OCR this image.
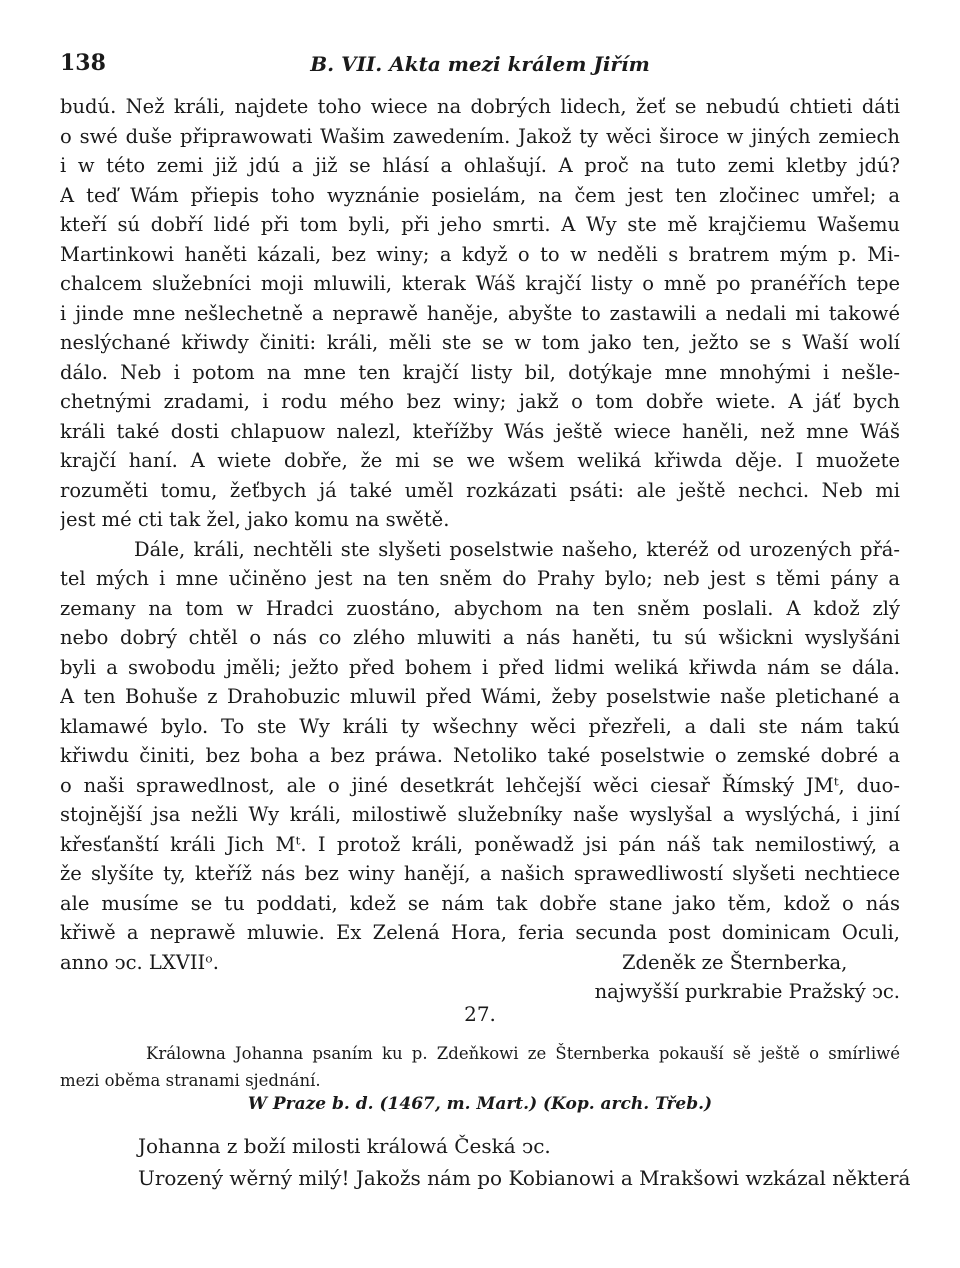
138	B. VII. Akta mezi králem Jiřím
budú. Než králi, najdete toho wiece na dobrých lidech, žeť se nebudú chtieti dáti
o swé duše připrawowati Wašim zawedením. Jakož ty wěci široce w jiných zemiech
i w této zemi již jdú a již se hlásí a ohlašují. A proč na tuto zemi kletby jdú?
A teď Wám přiepis toho wyznánie posielám, na čem jest ten zločinec umřel; a
kteří sú dobří lidé při tom byli, při jeho smrti. A Wy ste mě krajčiemu Wašemu
Martinkowi haněti kázali, bez winy; a když o to w neděli s bratrem mým p. Mi-
chalcem služebníci moji mluwili, kterak Wáš krajčí listy o mně po pranéřích tepe
i jinde mne nešlechetně a neprawě haněje, abyšte to zastawili a nedali mi takowé
neslýchané křiwdy činiti: králi, měli ste se w tom jako ten, ježto se s Waší wolí
dálo. Neb i potom na mne ten krajčí listy bil, dotýkaje mne mnohými i nešle-
chetnými zradami, i rodu mého bez winy; jakž o tom dobře wiete. A jáť bych
králi také dosti chlapuow nalezl, kteřížby Wás ještě wiece haněli, než mne Wáš
krajčí haní. A wiete dobře, že mi se we wšem weliká křiwda děje. I muožete
rozuměti tomu, žeťbych já také uměl rozkázati psáti: ale ještě nechci. Neb mi
jest mé cti tak žel, jako komu na swětě.
Dále, králi, nechtěli ste slyšeti poselstwie našeho, kteréž od urozených přá-
tel mých i mne učiněno jest na ten sněm do Prahy bylo; neb jest s těmi pány a
zemany na tom w Hradci zuostáno, abychom na ten sněm poslali. A kdož zlý
nebo dobrý chtěl o nás co zlého mluwiti a nás haněti, tu sú wšickni wyslyšáni
byli a swobodu jměli; ježto před bohem i před lidmi weliká křiwda nám se dála.
A ten Bohuše z Drahobuzic mluwil před Wámi, žeby poselstwie naše pletichané a
klamawé bylo. To ste Wy králi ty wšechny wěci přezřeli, a dali ste nám takú
křiwdu činiti, bez boha a bez práwa. Netoliko také poselstwie o zemské dobré a
o naši sprawedlnost, ale o jiné desetkrát lehčejší wěci ciesař Římský JMᵗ, duo-
stojnější jsa nežli Wy králi, milostiwě služebníky naše wyslyšal a wyslýchá, i jiní
křesťanští králi Jich Mᵗ. I protož králi, poněwadž jsi pán náš tak nemilostiwý, a
že slyšíte ty, kteříž nás bez winy hanějí, a našich sprawedliwostí slyšeti nechtiece
ale musíme se tu poddati, kdež se nám tak dobře stane jako těm, kdož o nás
křiwě a neprawě mluwie. Ex Zelená Hora, feria secunda post dominicam Oculi,
anno ↄc. LXVIIᵒ.	Zdeněk ze Šternberka,
najwyšší purkrabie Pražský ↄc.
27.
Králowna Johanna psaním ku p. Zdeňkowi ze Šternberka pokauší sě ještě o smírliwé
mezi oběma stranami sjednání.
W Praze b. d. (1467, m. Mart.) (Kop. arch. Třeb.)
Johanna z boží milosti králowá Česká ↄc.
Urozený wěrný milý! Jakožs nám po Kobianowi a Mrakšowi wzkázal některá
